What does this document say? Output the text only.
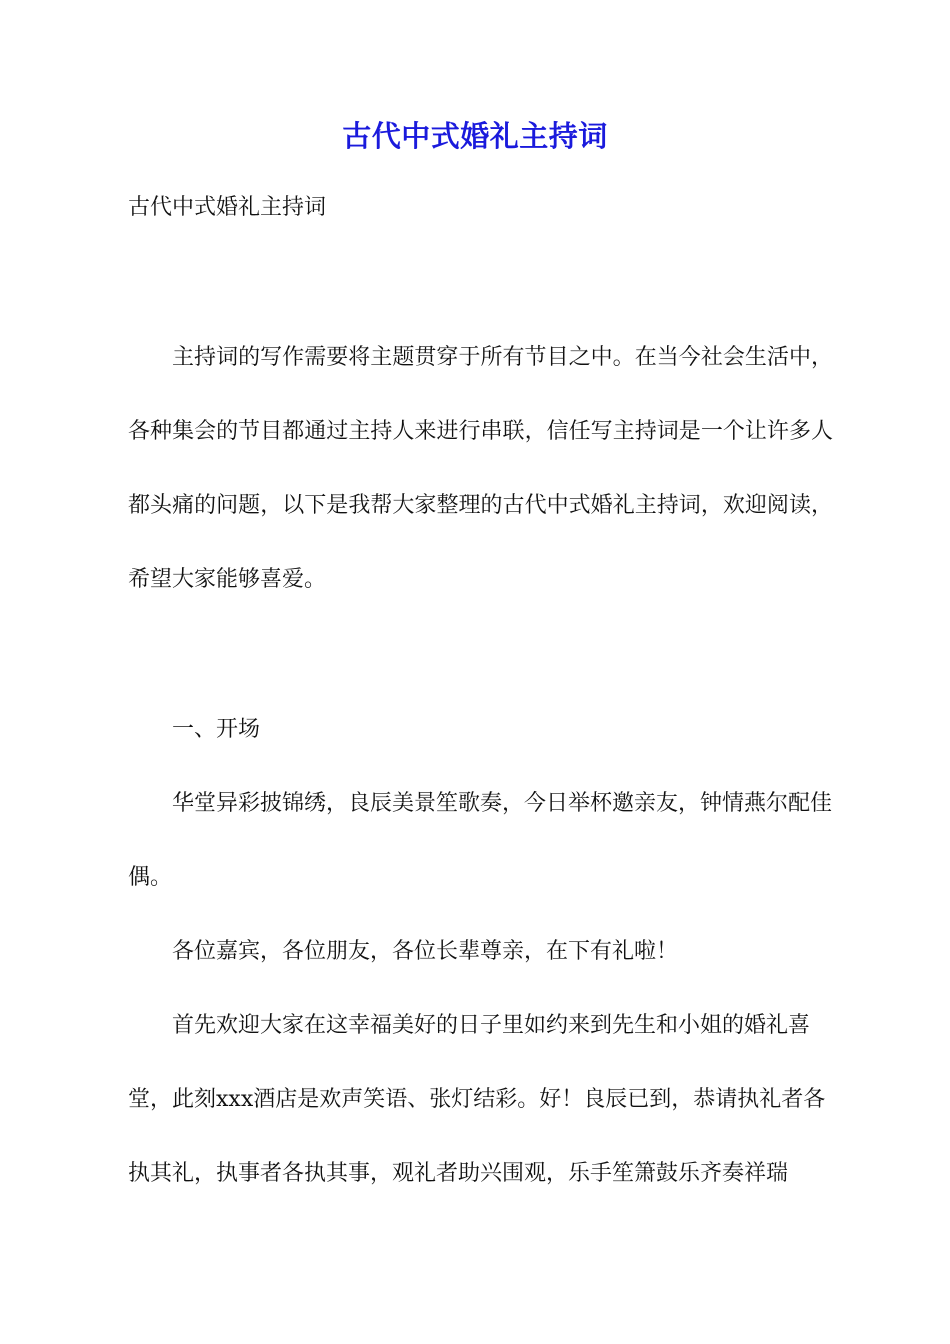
古代中式婚礼主持词
古代中式婚礼主持词

主持词的写作需要将主题贯穿于所有节目之中。在当今社会生活中，各种集会的节目都通过主持人来进行串联，信任写主持词是一个让许多人都头痛的问题，以下是我帮大家整理的古代中式婚礼主持词，欢迎阅读，希望大家能够喜爱。

一、开场

华堂异彩披锦绣，良辰美景笙歌奏，今日举杯邀亲友，钟情燕尔配佳偶。

各位嘉宾，各位朋友，各位长辈尊亲，在下有礼啦！

首先欢迎大家在这幸福美好的日子里如约来到先生和小姐的婚礼喜堂，此刻xxx酒店是欢声笑语、张灯结彩。好！良辰已到，恭请执礼者各执其礼，执事者各执其事，观礼者助兴围观，乐手笙箫鼓乐齐奏祥瑞
